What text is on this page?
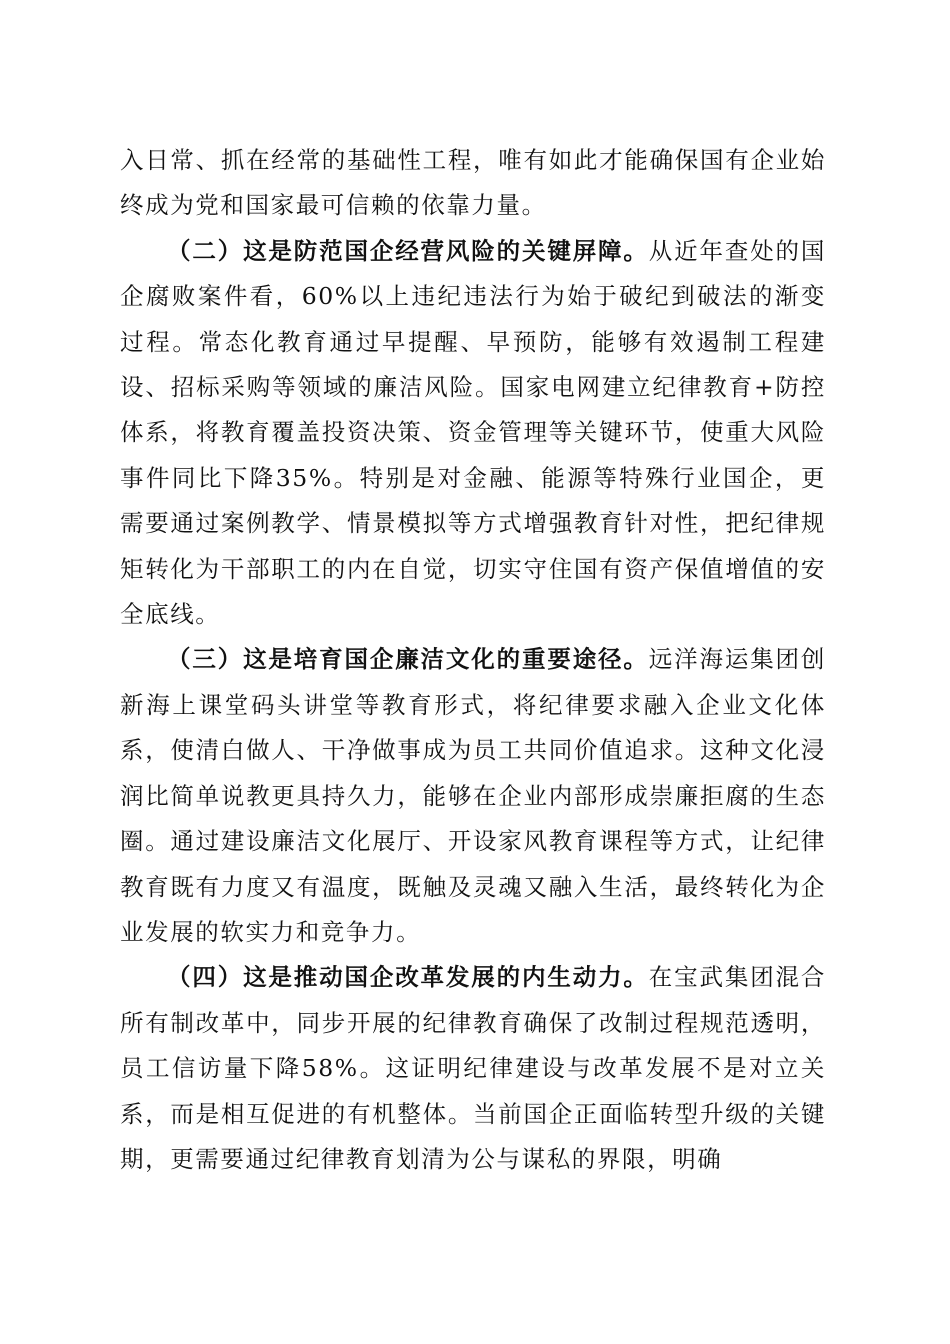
入日常、抓在经常的基础性工程，唯有如此才能确保国有企业始终成为党和国家最可信赖的依靠力量。

（二）这是防范国企经营风险的关键屏障。从近年查处的国企腐败案件看，60%以上违纪违法行为始于破纪到破法的渐变过程。常态化教育通过早提醒、早预防，能够有效遏制工程建设、招标采购等领域的廉洁风险。国家电网建立纪律教育+防控体系，将教育覆盖投资决策、资金管理等关键环节，使重大风险事件同比下降35%。特别是对金融、能源等特殊行业国企，更需要通过案例教学、情景模拟等方式增强教育针对性，把纪律规矩转化为干部职工的内在自觉，切实守住国有资产保值增值的安全底线。

（三）这是培育国企廉洁文化的重要途径。远洋海运集团创新海上课堂码头讲堂等教育形式，将纪律要求融入企业文化体系，使清白做人、干净做事成为员工共同价值追求。这种文化浸润比简单说教更具持久力，能够在企业内部形成崇廉拒腐的生态圈。通过建设廉洁文化展厅、开设家风教育课程等方式，让纪律教育既有力度又有温度，既触及灵魂又融入生活，最终转化为企业发展的软实力和竞争力。

（四）这是推动国企改革发展的内生动力。在宝武集团混合所有制改革中，同步开展的纪律教育确保了改制过程规范透明，员工信访量下降58%。这证明纪律建设与改革发展不是对立关系，而是相互促进的有机整体。当前国企正面临转型升级的关键期，更需要通过纪律教育划清为公与谋私的界限，明确
